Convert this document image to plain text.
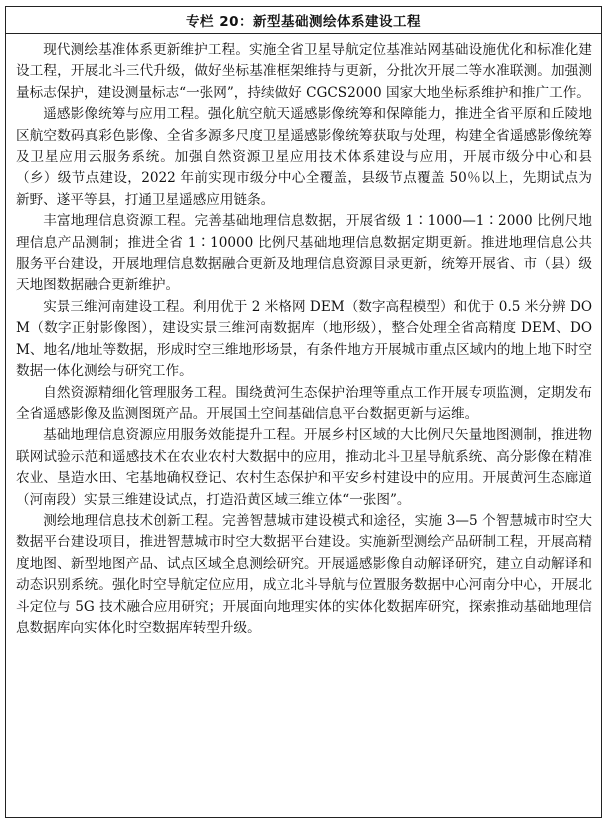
专栏 20：新型基础测绘体系建设工程

现代测绘基准体系更新维护工程。实施全省卫星导航定位基准站网基础设施优化和标准化建设工程，开展北斗三代升级，做好坐标基准框架维持与更新，分批次开展二等水准联测。加强测量标志保护，建设测量标志“一张网”，持续做好 CGCS2000 国家大地坐标系维护和推广工作。

遥感影像统筹与应用工程。强化航空航天遥感影像统筹和保障能力，推进全省平原和丘陵地区航空数码真彩色影像、全省多源多尺度卫星遥感影像统筹获取与处理，构建全省遥感影像统筹及卫星应用云服务系统。加强自然资源卫星应用技术体系建设与应用，开展市级分中心和县（乡）级节点建设，2022 年前实现市级分中心全覆盖，县级节点覆盖 50％以上，先期试点为新野、遂平等县，打通卫星遥感应用链条。

丰富地理信息资源工程。完善基础地理信息数据，开展省级 1∶1000—1∶2000 比例尺地理信息产品测制；推进全省 1∶10000 比例尺基础地理信息数据定期更新。推进地理信息公共服务平台建设，开展地理信息数据融合更新及地理信息资源目录更新，统筹开展省、市（县）级天地图数据融合更新维护。

实景三维河南建设工程。利用优于 2 米格网 DEM（数字高程模型）和优于 0.5 米分辨 DOM（数字正射影像图），建设实景三维河南数据库（地形级），整合处理全省高精度 DEM、DOM、地名/地址等数据，形成时空三维地形场景，有条件地方开展城市重点区域内的地上地下时空数据一体化测绘与研究工作。

自然资源精细化管理服务工程。围绕黄河生态保护治理等重点工作开展专项监测，定期发布全省遥感影像及监测图斑产品。开展国土空间基础信息平台数据更新与运维。

基础地理信息资源应用服务效能提升工程。开展乡村区域的大比例尺矢量地图测制，推进物联网试验示范和遥感技术在农业农村大数据中的应用，推动北斗卫星导航系统、高分影像在精准农业、垦造水田、宅基地确权登记、农村生态保护和平安乡村建设中的应用。开展黄河生态廊道（河南段）实景三维建设试点，打造沿黄区域三维立体“一张图”。

测绘地理信息技术创新工程。完善智慧城市建设模式和途径，实施 3—5 个智慧城市时空大数据平台建设项目，推进智慧城市时空大数据平台建设。实施新型测绘产品研制工程，开展高精度地图、新型地图产品、试点区域全息测绘研究。开展遥感影像自动解译研究，建立自动解译和动态识别系统。强化时空导航定位应用，成立北斗导航与位置服务数据中心河南分中心，开展北斗定位与 5G 技术融合应用研究；开展面向地理实体的实体化数据库研究，探索推动基础地理信息数据库向实体化时空数据库转型升级。
